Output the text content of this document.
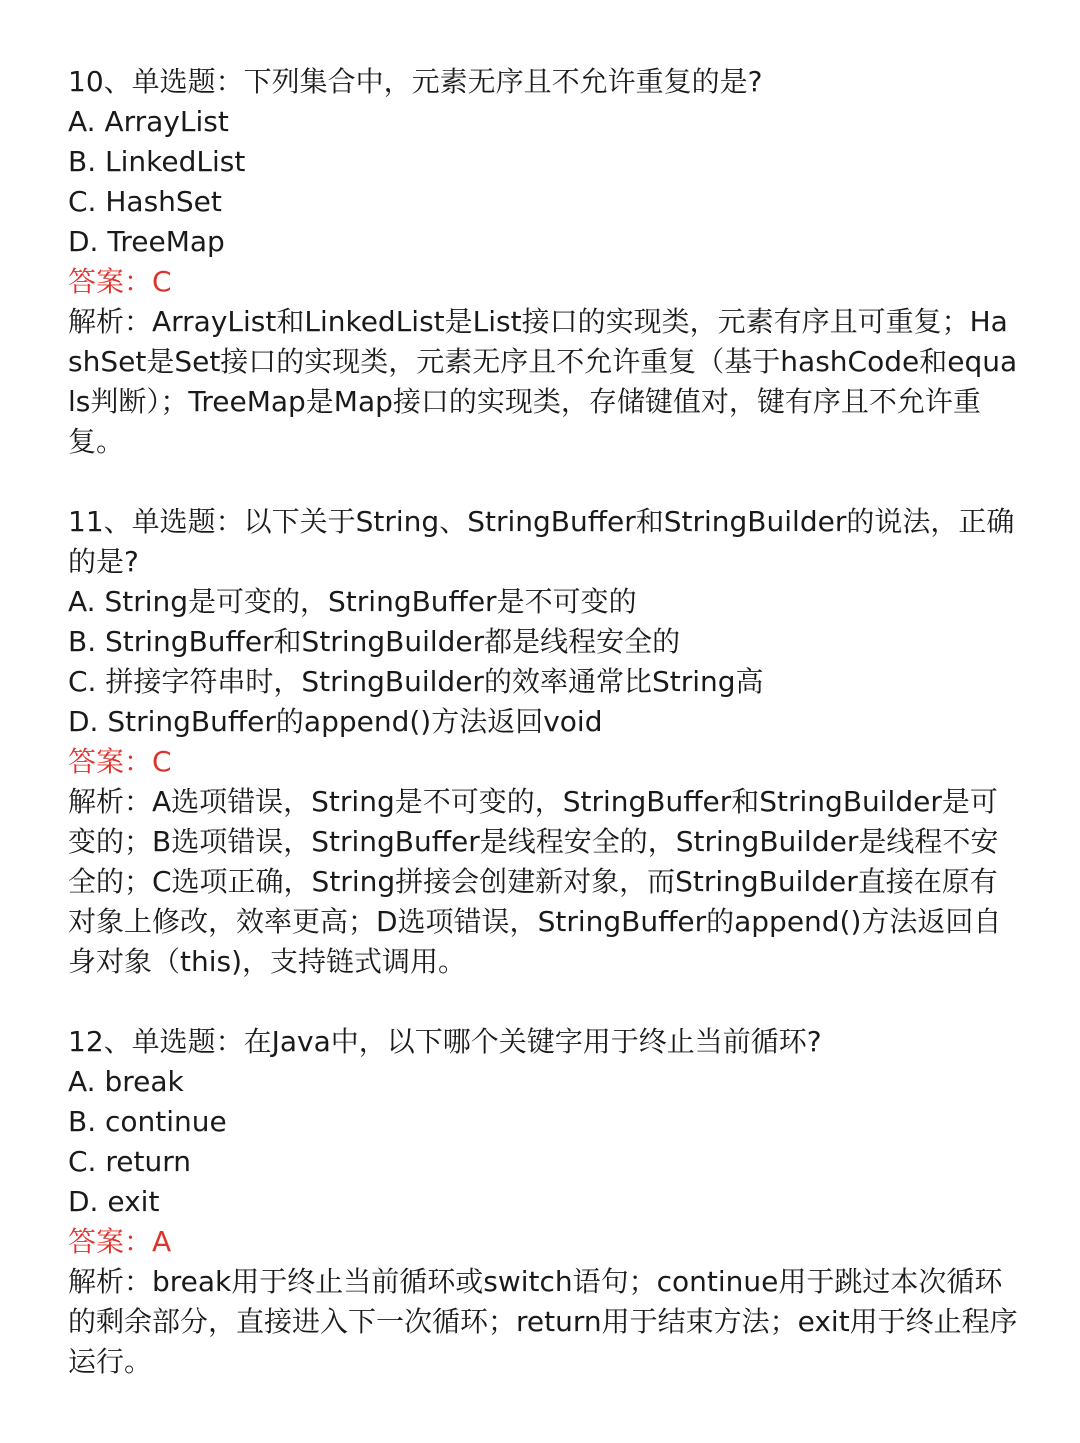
10、单选题：下列集合中，元素无序且不允许重复的是?
A. ArrayList
B. LinkedList
C. HashSet
D. TreeMap
答案：C
解析：ArrayList和LinkedList是List接口的实现类，元素有序且可重复；HashSet是Set接口的实现类，元素无序且不允许重复（基于hashCode和equals判断）；TreeMap是Map接口的实现类，存储键值对，键有序且不允许重复。
11、单选题：以下关于String、StringBuffer和StringBuilder的说法，正确的是?
A. String是可变的，StringBuffer是不可变的
B. StringBuffer和StringBuilder都是线程安全的
C. 拼接字符串时，StringBuilder的效率通常比String高
D. StringBuffer的append()方法返回void
答案：C
解析：A选项错误，String是不可变的，StringBuffer和StringBuilder是可变的；B选项错误，StringBuffer是线程安全的，StringBuilder是线程不安全的；C选项正确，String拼接会创建新对象，而StringBuilder直接在原有对象上修改，效率更高；D选项错误，StringBuffer的append()方法返回自身对象（this)，支持链式调用。
12、单选题：在Java中，以下哪个关键字用于终止当前循环?
A. break
B. continue
C. return
D. exit
答案：A
解析：break用于终止当前循环或switch语句；continue用于跳过本次循环的剩余部分，直接进入下一次循环；return用于结束方法；exit用于终止程序运行。
